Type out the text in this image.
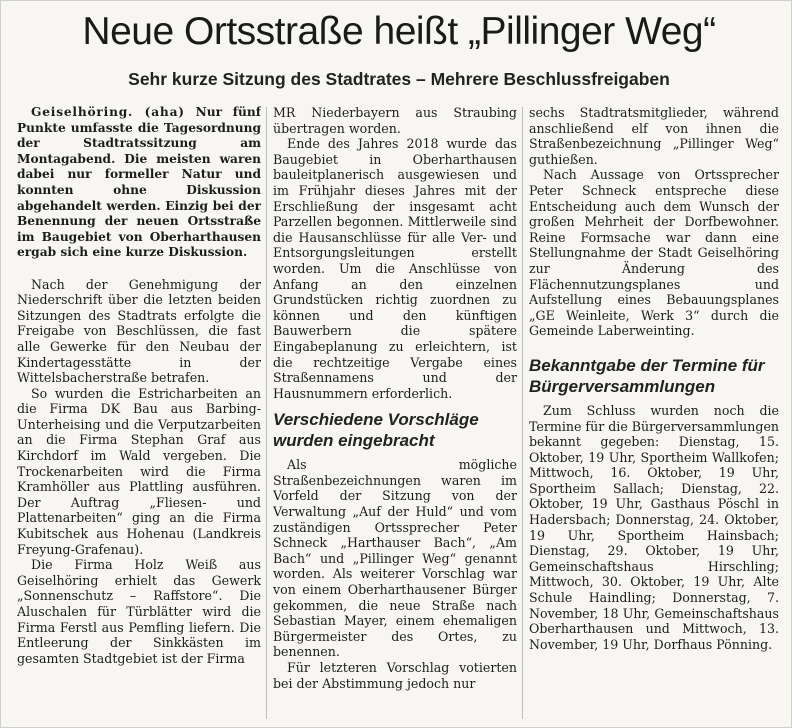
Neue Ortsstraße heißt „Pillinger Weg“
Sehr kurze Sitzung des Stadtrates – Mehrere Beschlussfreigaben

Geiselhöring. (aha) Nur fünf Punkte umfasste die Tagesordnung der Stadtratssitzung am Montagabend. Die meisten waren dabei nur formeller Natur und konnten ohne Diskussion abgehandelt werden. Einzig bei der Benennung der neuen Ortsstraße im Baugebiet von Oberharthausen ergab sich eine kurze Diskussion.

Nach der Genehmigung der Niederschrift über die letzten beiden Sitzungen des Stadtrats erfolgte die Freigabe von Beschlüssen, die fast alle Gewerke für den Neubau der Kindertagesstätte in der Wittelsbacherstraße betrafen.

So wurden die Estricharbeiten an die Firma DK Bau aus Barbing-Unterheising und die Verputzarbeiten an die Firma Stephan Graf aus Kirchdorf im Wald vergeben. Die Trockenarbeiten wird die Firma Kramhöller aus Plattling ausführen. Der Auftrag „Fliesen- und Plattenarbeiten“ ging an die Firma Kubitschek aus Hohenau (Landkreis Freyung-Grafenau).

Die Firma Holz Weiß aus Geiselhöring erhielt das Gewerk „Sonnenschutz – Raffstore“. Die Aluschalen für Türblätter wird die Firma Ferstl aus Pemfling liefern. Die Entleerung der Sinkkästen im gesamten Stadtgebiet ist der Firma

MR Niederbayern aus Straubing übertragen worden.

Ende des Jahres 2018 wurde das Baugebiet in Oberharthausen bauleitplanerisch ausgewiesen und im Frühjahr dieses Jahres mit der Erschließung der insgesamt acht Parzellen begonnen. Mittlerweile sind die Hausanschlüsse für alle Ver- und Entsorgungsleitungen erstellt worden. Um die Anschlüsse von Anfang an den einzelnen Grundstücken richtig zuordnen zu können und den künftigen Bauwerbern die spätere Eingabeplanung zu erleichtern, ist die rechtzeitige Vergabe eines Straßennamens und der Hausnummern erforderlich.

Verschiedene Vorschläge wurden eingebracht

Als mögliche Straßenbezeichnungen waren im Vorfeld der Sitzung von der Verwaltung „Auf der Huld“ und vom zuständigen Ortssprecher Peter Schneck „Harthauser Bach“, „Am Bach“ und „Pillinger Weg“ genannt worden. Als weiterer Vorschlag war von einem Oberharthausener Bürger gekommen, die neue Straße nach Sebastian Mayer, einem ehemaligen Bürgermeister des Ortes, zu benennen.

Für letzteren Vorschlag votierten bei der Abstimmung jedoch nur

sechs Stadtratsmitglieder, während anschließend elf von ihnen die Straßenbezeichnung „Pillinger Weg“ guthießen.

Nach Aussage von Ortssprecher Peter Schneck entspreche diese Entscheidung auch dem Wunsch der großen Mehrheit der Dorfbewohner. Reine Formsache war dann eine Stellungnahme der Stadt Geiselhöring zur Änderung des Flächennutzungsplanes und Aufstellung eines Bebauungsplanes „GE Weinleite, Werk 3“ durch die Gemeinde Laberweinting.

Bekanntgabe der Termine für Bürgerversammlungen

Zum Schluss wurden noch die Termine für die Bürgerversammlungen bekannt gegeben: Dienstag, 15. Oktober, 19 Uhr, Sportheim Wallkofen; Mittwoch, 16. Oktober, 19 Uhr, Sportheim Sallach; Dienstag, 22. Oktober, 19 Uhr, Gasthaus Pöschl in Hadersbach; Donnerstag, 24. Oktober, 19 Uhr, Sportheim Hainsbach; Dienstag, 29. Oktober, 19 Uhr, Gemeinschaftshaus Hirschling; Mittwoch, 30. Oktober, 19 Uhr, Alte Schule Haindling; Donnerstag, 7. November, 18 Uhr, Gemeinschaftshaus Oberharthausen und Mittwoch, 13. November, 19 Uhr, Dorfhaus Pönning.
